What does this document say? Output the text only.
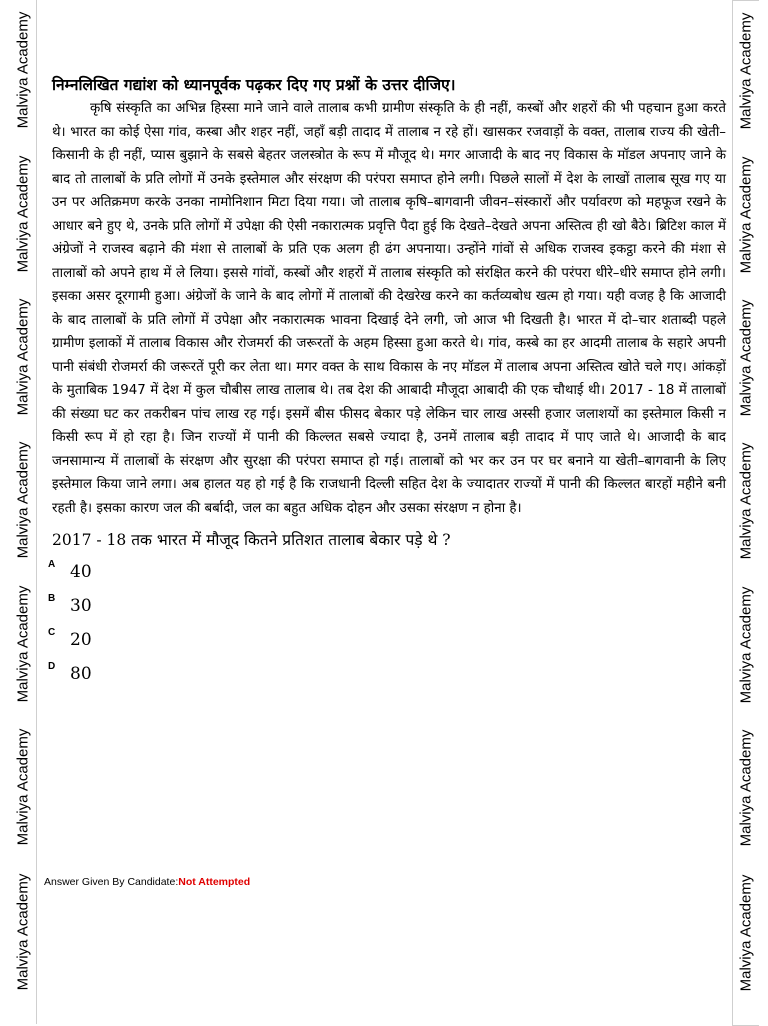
Malviya Academy
Malviya Academy
Malviya Academy
Malviya Academy
Malviya Academy
Malviya Academy
Malviya Academy
Malviya Academy
Malviya Academy
Malviya Academy
Malviya Academy
Malviya Academy
Malviya Academy
Malviya Academy
निम्नलिखित गद्यांश को ध्यानपूर्वक पढ़कर दिए गए प्रश्नों के उत्तर दीजिए।

कृषि संस्कृति का अभिन्न हिस्सा माने जाने वाले तालाब कभी ग्रामीण संस्कृति के ही नहीं, कस्बों और शहरों की भी पहचान हुआ करते थे। भारत का कोई ऐसा गांव, कस्बा और शहर नहीं, जहाँ बड़ी तादाद में तालाब न रहे हों। खासकर रजवाड़ों के वक्त, तालाब राज्य की खेती–किसानी के ही नहीं, प्यास बुझाने के सबसे बेहतर जलस्त्रोत के रूप में मौजूद थे। मगर आजादी के बाद नए विकास के मॉडल अपनाए जाने के बाद तो तालाबों के प्रति लोगों में उनके इस्तेमाल और संरक्षण की परंपरा समाप्त होने लगी। पिछले सालों में देश के लाखों तालाब सूख गए या उन पर अतिक्रमण करके उनका नामोनिशान मिटा दिया गया। जो तालाब कृषि–बागवानी जीवन–संस्कारों और पर्यावरण को महफूज रखने के आधार बने हुए थे, उनके प्रति लोगों में उपेक्षा की ऐसी नकारात्मक प्रवृत्ति पैदा हुई कि देखते–देखते अपना अस्तित्व ही खो बैठे। ब्रिटिश काल में अंग्रेजों ने राजस्व बढ़ाने की मंशा से तालाबों के प्रति एक अलग ही ढंग अपनाया। उन्होंने गांवों से अधिक राजस्व इकट्ठा करने की मंशा से तालाबों को अपने हाथ में ले लिया। इससे गांवों, कस्बों और शहरों में तालाब संस्कृति को संरक्षित करने की परंपरा धीरे–धीरे समाप्त होने लगी। इसका असर दूरगामी हुआ। अंग्रेजों के जाने के बाद लोगों में तालाबों की देखरेख करने का कर्तव्यबोध खत्म हो गया। यही वजह है कि आजादी के बाद तालाबों के प्रति लोगों में उपेक्षा और नकारात्मक भावना दिखाई देने लगी, जो आज भी दिखती है। भारत में दो–चार शताब्दी पहले ग्रामीण इलाकों में तालाब विकास और रोजमर्रा की जरूरतों के अहम हिस्सा हुआ करते थे। गांव, कस्बे का हर आदमी तालाब के सहारे अपनी पानी संबंधी रोजमर्रा की जरूरतें पूरी कर लेता था। मगर वक्त के साथ विकास के नए मॉडल में तालाब अपना अस्तित्व खोते चले गए। आंकड़ों के मुताबिक 1947 में देश में कुल चौबीस लाख तालाब थे। तब देश की आबादी मौजूदा आबादी की एक चौथाई थी। 2017 - 18 में तालाबों की संख्या घट कर तकरीबन पांच लाख रह गई। इसमें बीस फीसद बेकार पड़े लेकिन चार लाख अस्सी हजार जलाशयों का इस्तेमाल किसी न किसी रूप में हो रहा है। जिन राज्यों में पानी की किल्लत सबसे ज्यादा है, उनमें तालाब बड़ी तादाद में पाए जाते थे। आजादी के बाद जनसामान्य में तालाबों के संरक्षण और सुरक्षा की परंपरा समाप्त हो गई। तालाबों को भर कर उन पर घर बनाने या खेती–बागवानी के लिए इस्तेमाल किया जाने लगा। अब हालत यह हो गई है कि राजधानी दिल्ली सहित देश के ज्यादातर राज्यों में पानी की किल्लत बारहों महीने बनी रहती है। इसका कारण जल की बर्बादी, जल का बहुत अधिक दोहन और उसका संरक्षण न होना है।

2017 - 18 तक भारत में मौजूद कितने प्रतिशत तालाब बेकार पड़े थे ?
A 40
B 30
C 20
D 80
Answer Given By Candidate:Not Attempted
